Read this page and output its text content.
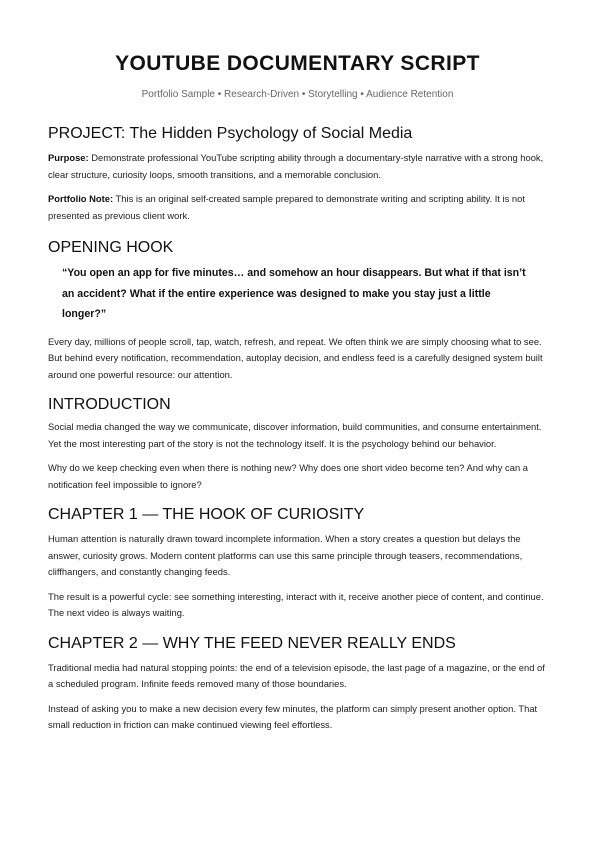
YOUTUBE DOCUMENTARY SCRIPT
Portfolio Sample • Research-Driven • Storytelling • Audience Retention
PROJECT: The Hidden Psychology of Social Media

Purpose: Demonstrate professional YouTube scripting ability through a documentary-style narrative with a strong hook, clear structure, curiosity loops, smooth transitions, and a memorable conclusion.

Portfolio Note: This is an original self-created sample prepared to demonstrate writing and scripting ability. It is not presented as previous client work.

OPENING HOOK
“You open an app for five minutes… and somehow an hour disappears. But what if that isn’t an accident? What if the entire experience was designed to make you stay just a little longer?”

Every day, millions of people scroll, tap, watch, refresh, and repeat. We often think we are simply choosing what to see. But behind every notification, recommendation, autoplay decision, and endless feed is a carefully designed system built around one powerful resource: our attention.

INTRODUCTION

Social media changed the way we communicate, discover information, build communities, and consume entertainment. Yet the most interesting part of the story is not the technology itself. It is the psychology behind our behavior.

Why do we keep checking even when there is nothing new? Why does one short video become ten? And why can a notification feel impossible to ignore?

CHAPTER 1 — THE HOOK OF CURIOSITY

Human attention is naturally drawn toward incomplete information. When a story creates a question but delays the answer, curiosity grows. Modern content platforms can use this same principle through teasers, recommendations, cliffhangers, and constantly changing feeds.

The result is a powerful cycle: see something interesting, interact with it, receive another piece of content, and continue. The next video is always waiting.

CHAPTER 2 — WHY THE FEED NEVER REALLY ENDS

Traditional media had natural stopping points: the end of a television episode, the last page of a magazine, or the end of a scheduled program. Infinite feeds removed many of those boundaries.

Instead of asking you to make a new decision every few minutes, the platform can simply present another option. That small reduction in friction can make continued viewing feel effortless.
